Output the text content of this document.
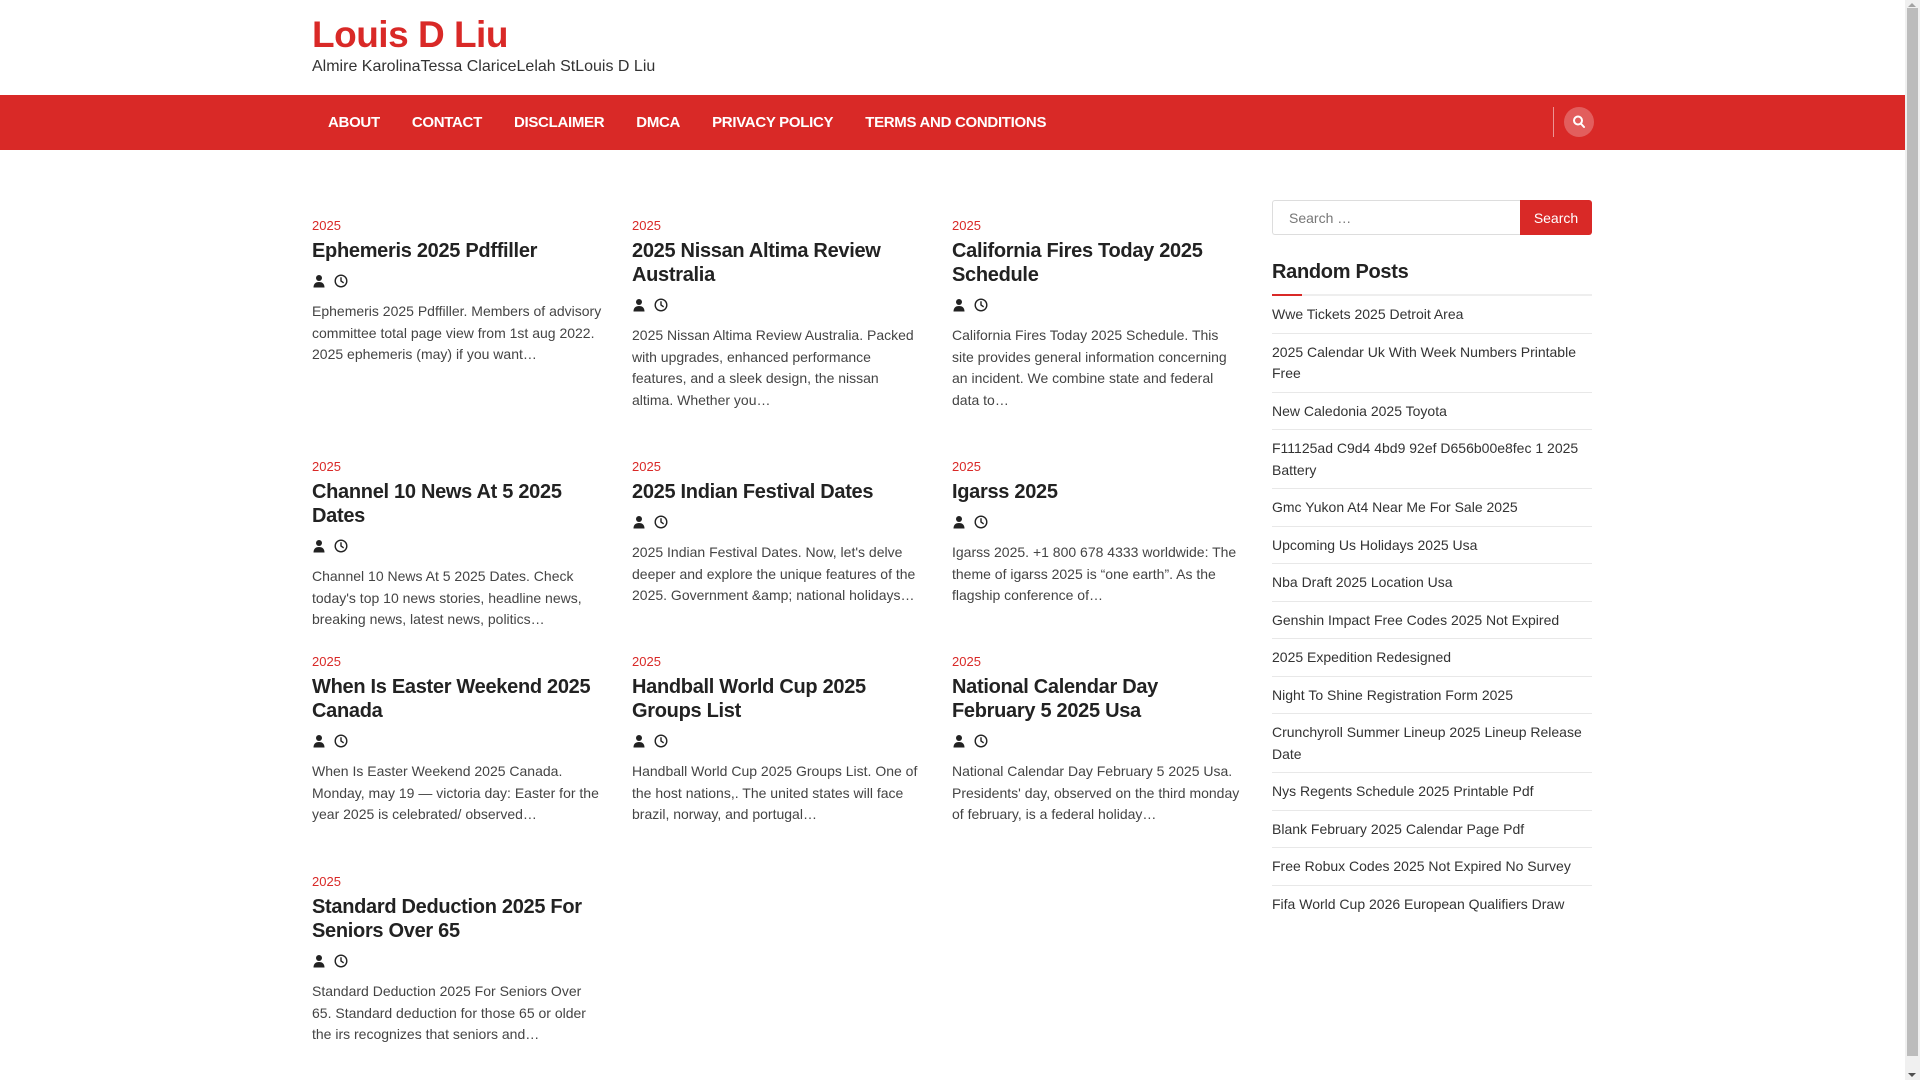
Louis D Liu
Almire KarolinaTessa ClariceLelah StLouis D Liu
ABOUT	CONTACT	DISCLAIMER	DMCA	PRIVACY POLICY	TERMS AND CONDITIONS
2025
Ephemeris 2025 Pdffiller

Ephemeris 2025 Pdffiller. Members of advisory committee total page view from 1st aug 2022. 2025 ephemeris (may) if you want…

2025
2025 Nissan Altima Review Australia

2025 Nissan Altima Review Australia. Packed with upgrades, enhanced performance features, and a sleek design, the nissan altima. Whether you…

2025
California Fires Today 2025 Schedule

California Fires Today 2025 Schedule. This site provides general information concerning an incident. We combine state and federal data to…

2025
Channel 10 News At 5 2025 Dates

Channel 10 News At 5 2025 Dates. Check today's top 10 news stories, headline news, breaking news, latest news, politics…

2025
2025 Indian Festival Dates

2025 Indian Festival Dates. Now, let's delve deeper and explore the unique features of the 2025. Government &amp; national holidays…

2025
Igarss 2025

Igarss 2025. +1 800 678 4333 worldwide: The theme of igarss 2025 is “one earth”. As the flagship conference of…

2025
When Is Easter Weekend 2025 Canada

When Is Easter Weekend 2025 Canada. Monday, may 19 — victoria day: Easter for the year 2025 is celebrated/ observed…

2025
Handball World Cup 2025 Groups List

Handball World Cup 2025 Groups List. One of the host nations,. The united states will face brazil, norway, and portugal…

2025
National Calendar Day February 5 2025 Usa

National Calendar Day February 5 2025 Usa. Presidents' day, observed on the third monday of february, is a federal holiday…

2025
Standard Deduction 2025 For Seniors Over 65

Standard Deduction 2025 For Seniors Over 65. Standard deduction for those 65 or older the irs recognizes that seniors and…

Search …
Search
Random Posts
Wwe Tickets 2025 Detroit Area
2025 Calendar Uk With Week Numbers Printable Free
New Caledonia 2025 Toyota
F11125ad C9d4 4bd9 92ef D656b00e8fec 1 2025 Battery
Gmc Yukon At4 Near Me For Sale 2025
Upcoming Us Holidays 2025 Usa
Nba Draft 2025 Location Usa
Genshin Impact Free Codes 2025 Not Expired
2025 Expedition Redesigned
Night To Shine Registration Form 2025
Crunchyroll Summer Lineup 2025 Lineup Release Date
Nys Regents Schedule 2025 Printable Pdf
Blank February 2025 Calendar Page Pdf
Free Robux Codes 2025 Not Expired No Survey
Fifa World Cup 2026 European Qualifiers Draw
